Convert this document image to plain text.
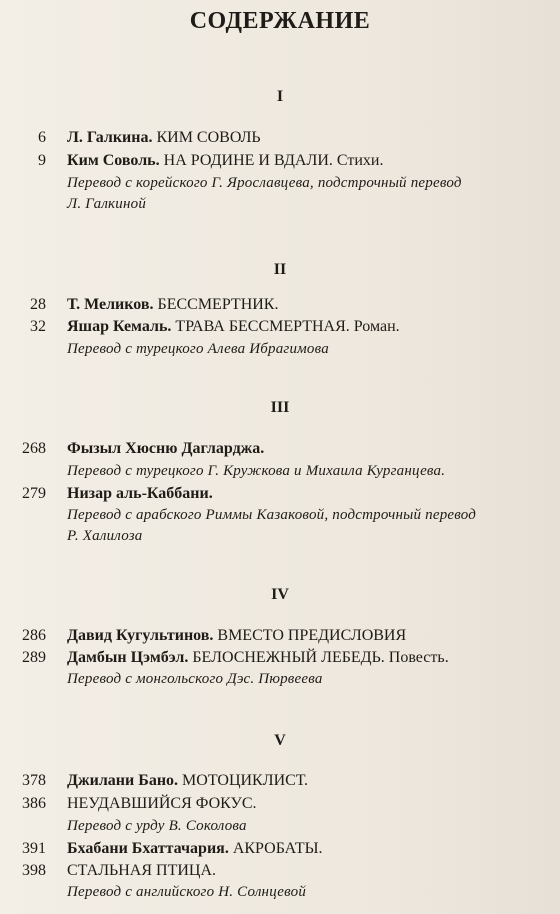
СОДЕРЖАНИЕ
I
6 Л. Галкина. КИМ СОВОЛЬ
9 Ким Соволь. НА РОДИНЕ И ВДАЛИ. Стихи.
Перевод с корейского Г. Ярославцева, подстрочный перевод
Л. Галкиной
II
28 Т. Меликов. БЕССМЕРТНИК.
32 Яшар Кемаль. ТРАВА БЕССМЕРТНАЯ. Роман.
Перевод с турецкого Алева Ибрагимова
III
268 Фызыл Хюсню Дагларджа.
Перевод с турецкого Г. Кружкова и Михаила Курганцева.
279 Низар аль-Каббани.
Перевод с арабского Риммы Казаковой, подстрочный перевод
Р. Халилоза
IV
286 Давид Кугультинов. ВМЕСТО ПРЕДИСЛОВИЯ
289 Дамбын Цэмбэл. БЕЛОСНЕЖНЫЙ ЛЕБЕДЬ. Повесть.
Перевод с монгольского Дэс. Пюрвеева
V
378 Джилани Бано. МОТОЦИКЛИСТ.
386 НЕУДАВШИЙСЯ ФОКУС.
Перевод с урду В. Соколова
391 Бхабани Бхаттачария. АКРОБАТЫ.
398 СТАЛЬНАЯ ПТИЦА.
Перевод с английского Н. Солнцевой
